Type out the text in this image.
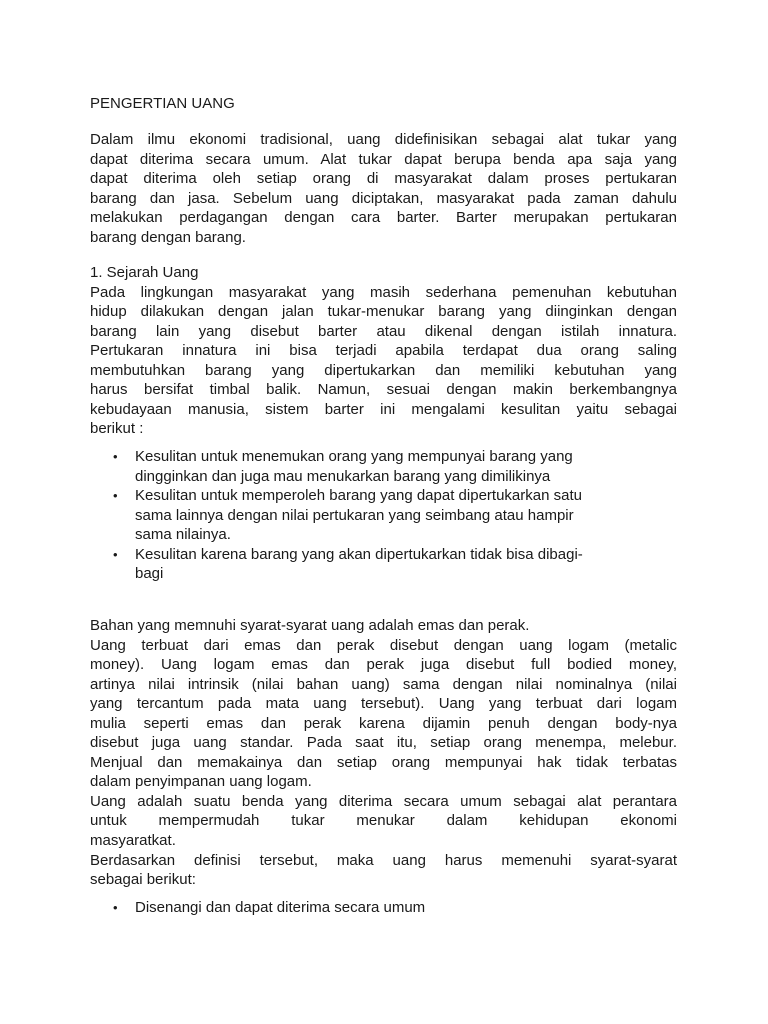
PENGERTIAN UANG
Dalam ilmu ekonomi tradisional, uang didefinisikan sebagai alat tukar yang
dapat diterima secara umum. Alat tukar dapat berupa benda apa saja yang
dapat diterima oleh setiap orang di masyarakat dalam proses pertukaran
barang dan jasa. Sebelum uang diciptakan, masyarakat pada zaman dahulu
melakukan perdagangan dengan cara barter. Barter merupakan pertukaran
barang dengan barang.
1. Sejarah Uang
Pada lingkungan masyarakat yang masih sederhana pemenuhan kebutuhan
hidup dilakukan dengan jalan tukar-menukar barang yang diinginkan dengan
barang lain yang disebut barter atau dikenal dengan istilah innatura.
Pertukaran innatura ini bisa terjadi apabila terdapat dua orang saling
membutuhkan barang yang dipertukarkan dan memiliki kebutuhan yang
harus bersifat timbal balik. Namun, sesuai dengan makin berkembangnya
kebudayaan manusia, sistem barter ini mengalami kesulitan yaitu sebagai
berikut :
•	Kesulitan untuk menemukan orang yang mempunyai barang yang
dingginkan dan juga mau menukarkan barang yang dimilikinya
•	Kesulitan untuk memperoleh barang yang dapat dipertukarkan satu
sama lainnya dengan nilai pertukaran yang seimbang atau hampir
sama nilainya.
•	Kesulitan karena barang yang akan dipertukarkan tidak bisa dibagi-
bagi
Bahan yang memnuhi syarat-syarat uang adalah emas dan perak.
Uang terbuat dari emas dan perak disebut dengan uang logam (metalic
money). Uang logam emas dan perak juga disebut full bodied money,
artinya nilai intrinsik (nilai bahan uang) sama dengan nilai nominalnya (nilai
yang tercantum pada mata uang tersebut). Uang yang terbuat dari logam
mulia seperti emas dan perak karena dijamin penuh dengan body-nya
disebut juga uang standar. Pada saat itu, setiap orang menempa, melebur.
Menjual dan memakainya dan setiap orang mempunyai hak tidak terbatas
dalam penyimpanan uang logam.
Uang adalah suatu benda yang diterima secara umum sebagai alat perantara
untuk mempermudah tukar menukar dalam kehidupan ekonomi
masyaratkat.
Berdasarkan definisi tersebut, maka uang harus memenuhi syarat-syarat
sebagai berikut:
•	Disenangi dan dapat diterima secara umum
